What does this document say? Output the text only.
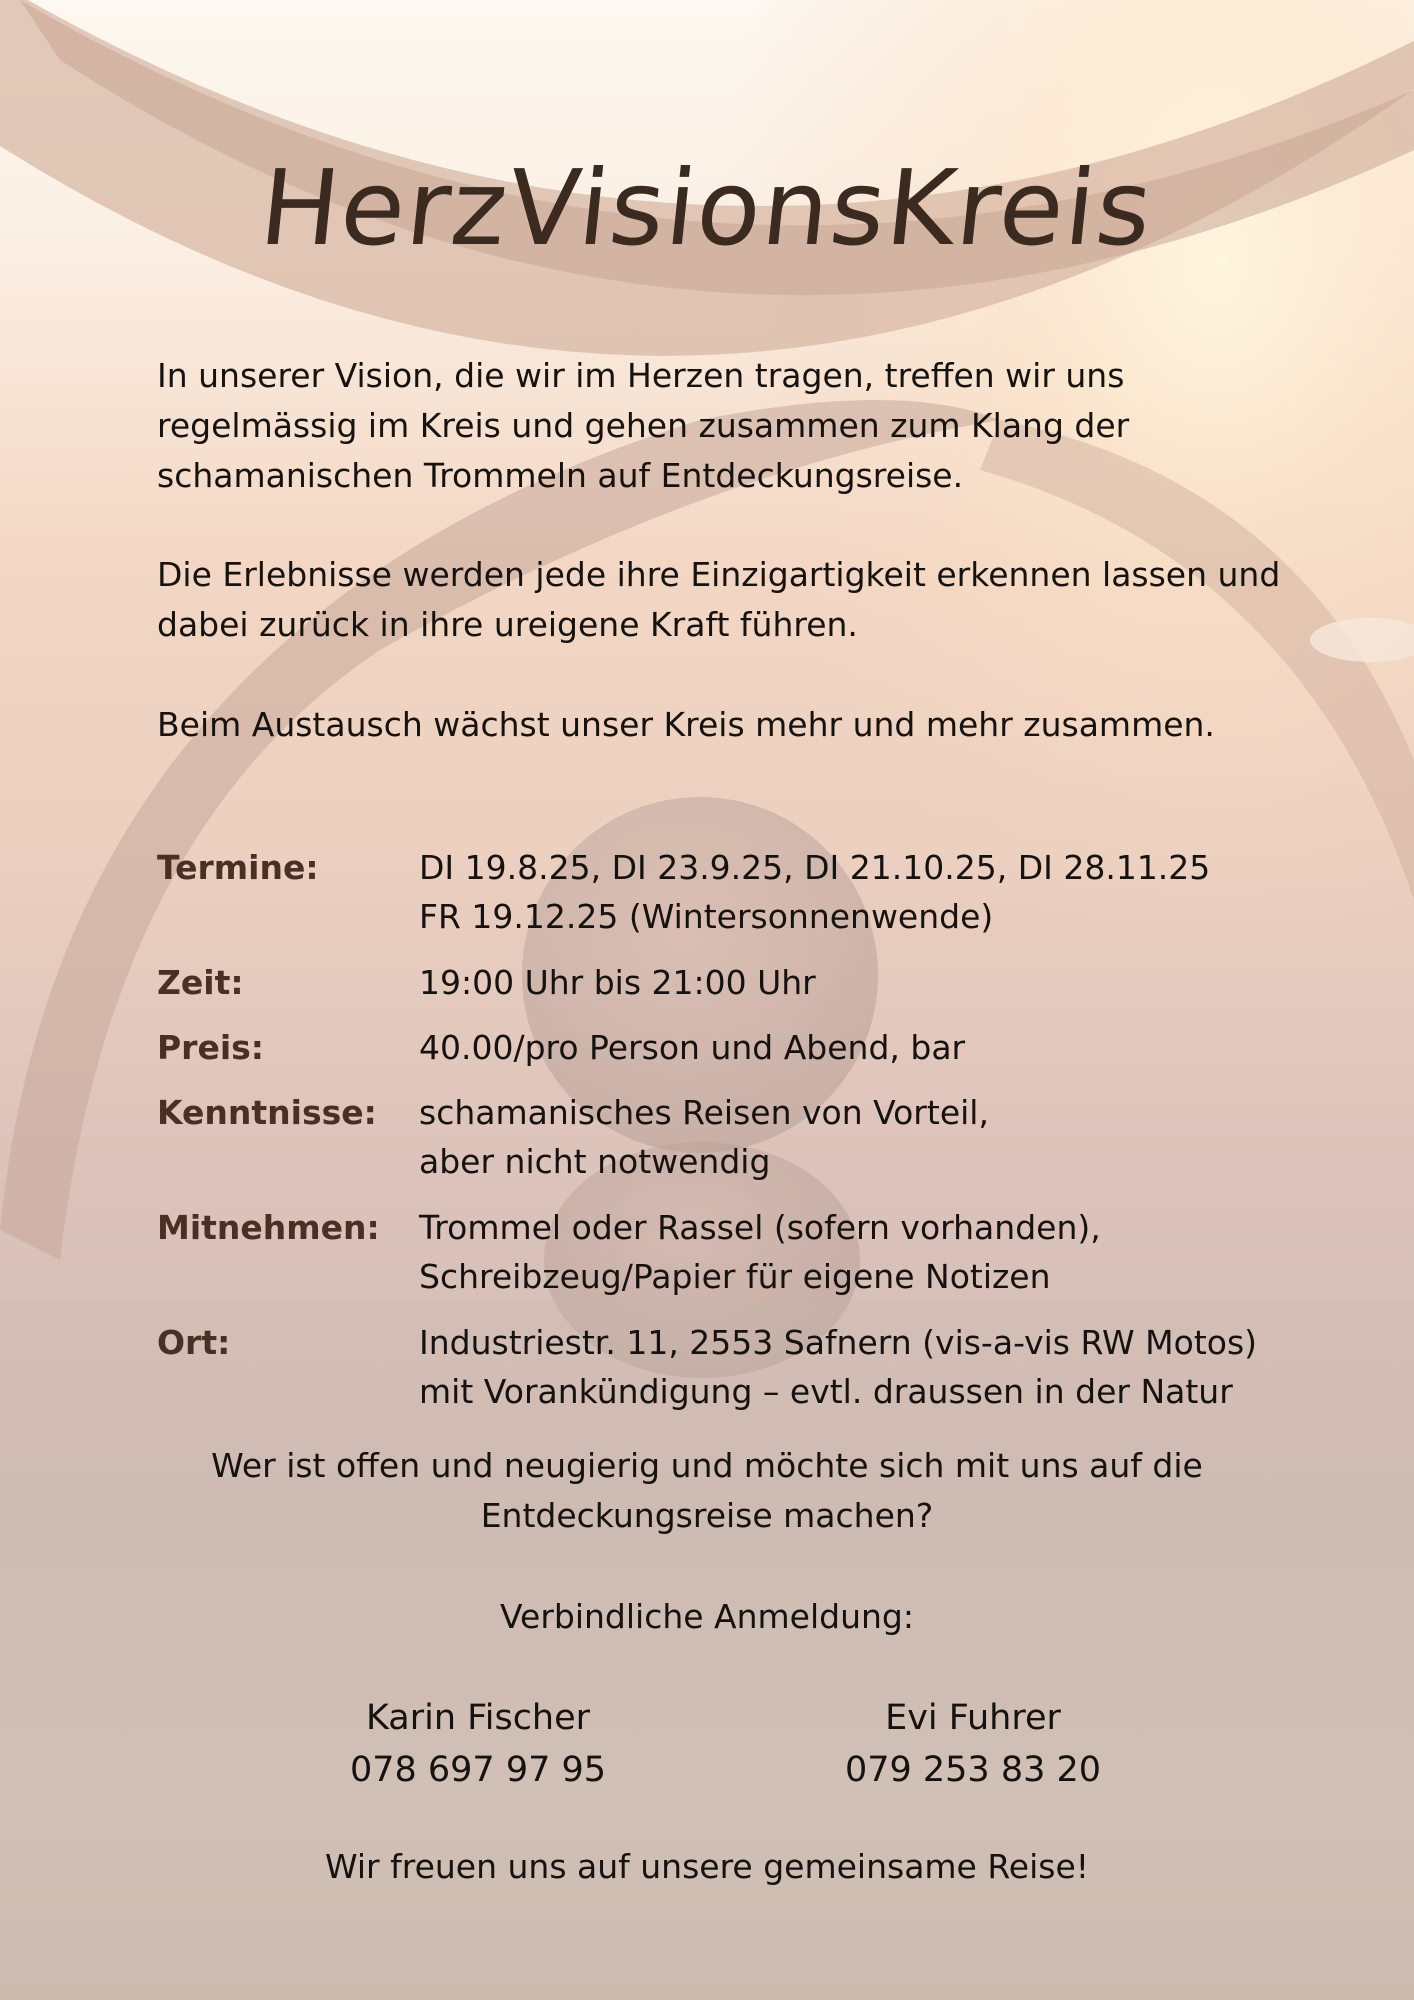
HerzVisionsKreis

In unserer Vision, die wir im Herzen tragen, treffen wir uns regelmässig im Kreis und gehen zusammen zum Klang der schamanischen Trommeln auf Entdeckungsreise.

Die Erlebnisse werden jede ihre Einzigartigkeit erkennen lassen und dabei zurück in ihre ureigene Kraft führen.

Beim Austausch wächst unser Kreis mehr und mehr zusammen.

Termine:	DI 19.8.25, DI 23.9.25, DI 21.10.25, DI 28.11.25
FR 19.12.25 (Wintersonnenwende)
Zeit:	19:00 Uhr bis 21:00 Uhr
Preis:	40.00/pro Person und Abend, bar
Kenntnisse:	schamanisches Reisen von Vorteil,
aber nicht notwendig
Mitnehmen:	Trommel oder Rassel (sofern vorhanden),
Schreibzeug/Papier für eigene Notizen
Ort:	Industriestr. 11, 2553 Safnern (vis-a-vis RW Motos)
mit Vorankündigung – evtl. draussen in der Natur
Wer ist offen und neugierig und möchte sich mit uns auf die
Entdeckungsreise machen?
Verbindliche Anmeldung:
Karin Fischer
078 697 97 95
Evi Fuhrer
079 253 83 20
Wir freuen uns auf unsere gemeinsame Reise!
